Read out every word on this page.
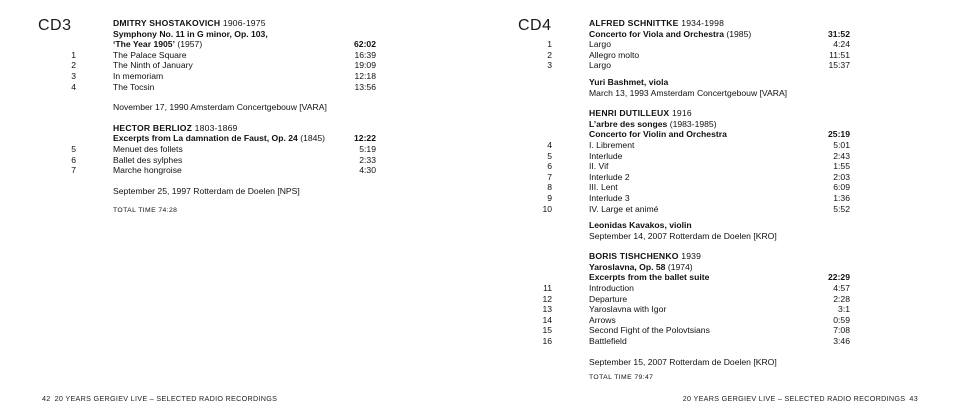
CD3	DMITRY SHOSTAKOVICH 1906-1975
Symphony No. 11 in G minor, Op. 103,
‘The Year 1905’ (1957)	62:02
1	The Palace Square	16:39
2	The Ninth of January	19:09
3	In memoriam	12:18
4	The Tocsin	13:56
November 17, 1990 Amsterdam Concertgebouw [VARA]
HECTOR BERLIOZ 1803-1869
Excerpts from La damnation de Faust, Op. 24 (1845)	12:22
5	Menuet des follets	5:19
6	Ballet des sylphes	2:33
7	Marche hongroise	4:30
September 25, 1997 Rotterdam de Doelen [NPS]
TOTAL TIME 74:28
42 20 YEARS GERGIEV LIVE – SELECTED RADIO RECORDINGS
CD4	ALFRED SCHNITTKE 1934-1998
Concerto for Viola and Orchestra (1985)	31:52
1	Largo	4:24
2	Allegro molto	11:51
3	Largo	15:37
Yuri Bashmet, viola
March 13, 1993 Amsterdam Concertgebouw [VARA]
HENRI DUTILLEUX 1916
L’arbre des songes (1983-1985)
Concerto for Violin and Orchestra	25:19
4	I. Librement	5:01
5	Interlude	2:43
6	II. Vif	1:55
7	Interlude 2	2:03
8	III. Lent	6:09
9	Interlude 3	1:36
10	IV. Large et animé	5:52
Leonidas Kavakos, violin
September 14, 2007 Rotterdam de Doelen [KRO]
BORIS TISHCHENKO 1939
Yaroslavna, Op. 58 (1974)
Excerpts from the ballet suite	22:29
11	Introduction	4:57
12	Departure	2:28
13	Yaroslavna with Igor	3:1
14	Arrows	0:59
15	Second Fight of the Polovtsians	7:08
16	Battlefield	3:46
September 15, 2007 Rotterdam de Doelen [KRO]
TOTAL TIME 79:47
20 YEARS GERGIEV LIVE – SELECTED RADIO RECORDINGS 43
